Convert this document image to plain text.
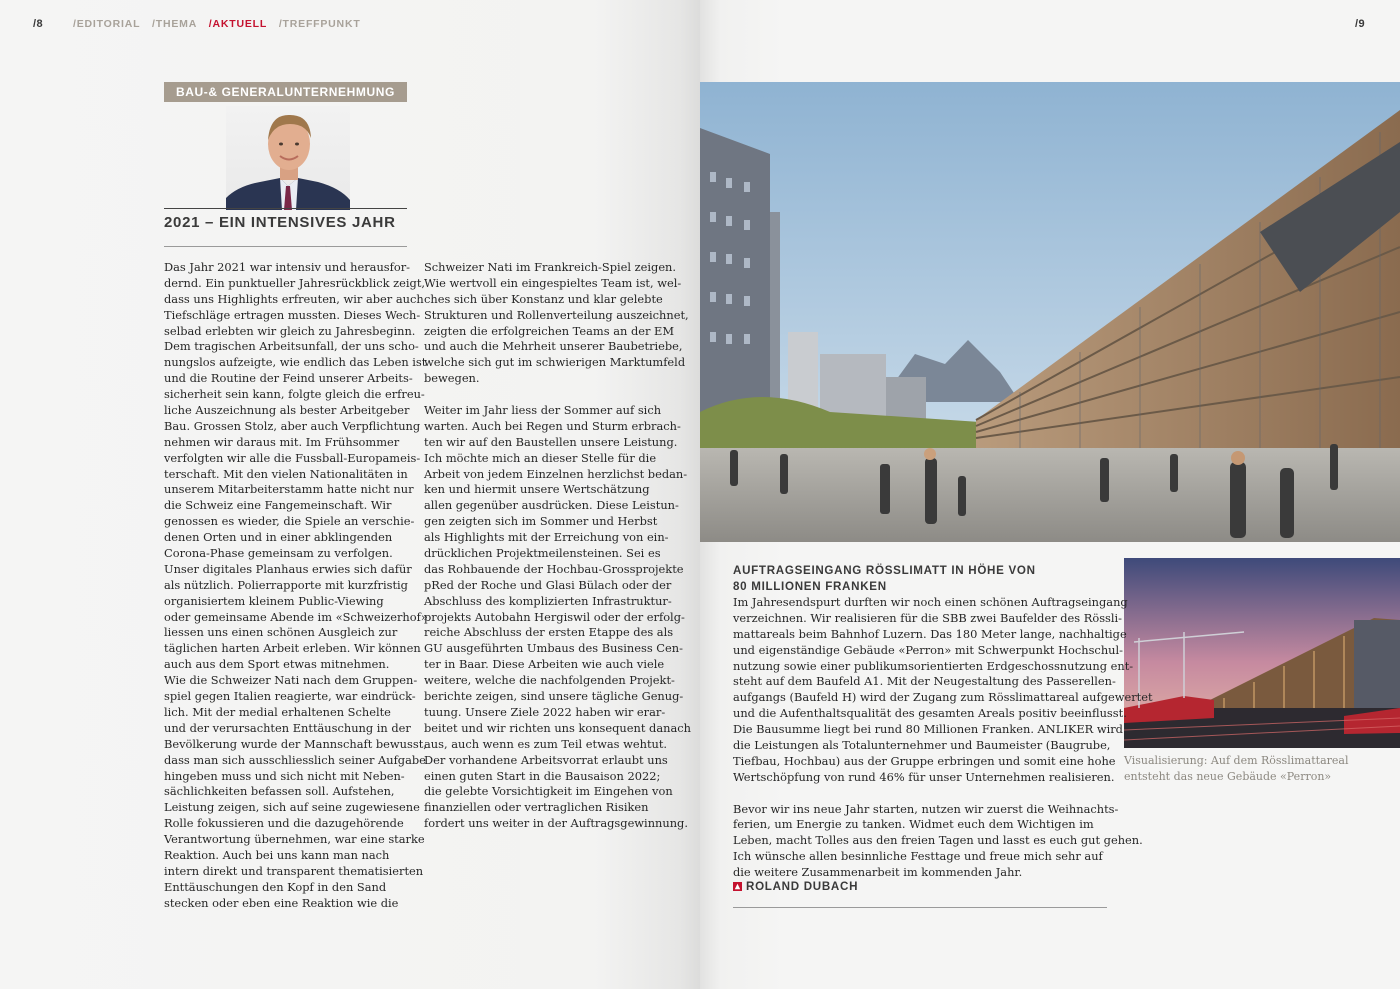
/8	/EDITORIAL /THEMA /AKTUELL /TREFFPUNKT
BAU-& GENERALUNTERNEHMUNG
2021 – EIN INTENSIVES JAHR
Das Jahr 2021 war intensiv und herausfor-
dernd. Ein punktueller Jahresrückblick zeigt,
dass uns Highlights erfreuten, wir aber auch
Tiefschläge ertragen mussten. Dieses Wech-
selbad erlebten wir gleich zu Jahresbeginn.
Dem tragischen Arbeitsunfall, der uns scho-
nungslos aufzeigte, wie endlich das Leben ist
und die Routine der Feind unserer Arbeits-
sicherheit sein kann, folgte gleich die erfreu-
liche Auszeichnung als bester Arbeitgeber
Bau. Grossen Stolz, aber auch Verpflichtung
nehmen wir daraus mit. Im Frühsommer
verfolgten wir alle die Fussball-Europameis-
terschaft. Mit den vielen Nationalitäten in
unserem Mitarbeiterstamm hatte nicht nur
die Schweiz eine Fangemeinschaft. Wir
genossen es wieder, die Spiele an verschie-
denen Orten und in einer abklingenden
Corona-Phase gemeinsam zu verfolgen.
Unser digitales Planhaus erwies sich dafür
als nützlich. Polierrapporte mit kurzfristig
organisiertem kleinem Public-Viewing
oder gemeinsame Abende im «Schweizerhof»
liessen uns einen schönen Ausgleich zur
täglichen harten Arbeit erleben. Wir können
auch aus dem Sport etwas mitnehmen.
Wie die Schweizer Nati nach dem Gruppen-
spiel gegen Italien reagierte, war eindrück-
lich. Mit der medial erhaltenen Schelte
und der verursachten Enttäuschung in der
Bevölkerung wurde der Mannschaft bewusst,
dass man sich ausschliesslich seiner Aufgabe
hingeben muss und sich nicht mit Neben-
sächlichkeiten befassen soll. Aufstehen,
Leistung zeigen, sich auf seine zugewiesene
Rolle fokussieren und die dazugehörende
Verantwortung übernehmen, war eine starke
Reaktion. Auch bei uns kann man nach
intern direkt und transparent thematisierten
Enttäuschungen den Kopf in den Sand
stecken oder eben eine Reaktion wie die
Schweizer Nati im Frankreich-Spiel zeigen.
Wie wertvoll ein eingespieltes Team ist, wel-
ches sich über Konstanz und klar gelebte
Strukturen und Rollenverteilung auszeichnet,
zeigten die erfolgreichen Teams an der EM
und auch die Mehrheit unserer Baubetriebe,
welche sich gut im schwierigen Marktumfeld
bewegen.
Weiter im Jahr liess der Sommer auf sich
warten. Auch bei Regen und Sturm erbrach-
ten wir auf den Baustellen unsere Leistung.
Ich möchte mich an dieser Stelle für die
Arbeit von jedem Einzelnen herzlichst bedan-
ken und hiermit unsere Wertschätzung
allen gegenüber ausdrücken. Diese Leistun-
gen zeigten sich im Sommer und Herbst
als Highlights mit der Erreichung von ein-
drücklichen Projektmeilensteinen. Sei es
das Rohbauende der Hochbau-Grossprojekte
pRed der Roche und Glasi Bülach oder der
Abschluss des komplizierten Infrastruktur-
projekts Autobahn Hergiswil oder der erfolg-
reiche Abschluss der ersten Etappe des als
GU ausgeführten Umbaus des Business Cen-
ter in Baar. Diese Arbeiten wie auch viele
weitere, welche die nachfolgenden Projekt-
berichte zeigen, sind unsere tägliche Genug-
tuung. Unsere Ziele 2022 haben wir erar-
beitet und wir richten uns konsequent danach
aus, auch wenn es zum Teil etwas wehtut.
Der vorhandene Arbeitsvorrat erlaubt uns
einen guten Start in die Bausaison 2022;
die gelebte Vorsichtigkeit im Eingehen von
finanziellen oder vertraglichen Risiken
fordert uns weiter in der Auftragsgewinnung.
/9
Visualisierung: Auf dem Rösslimattareal
entsteht das neue Gebäude «Perron»
AUFTRAGSEINGANG RÖSSLIMATT IN HÖHE VON
80 MILLIONEN FRANKEN
Im Jahresendspurt durften wir noch einen schönen Auftragseingang
verzeichnen. Wir realisieren für die SBB zwei Baufelder des Rössli-
mattareals beim Bahnhof Luzern. Das 180 Meter lange, nachhaltige
und eigenständige Gebäude «Perron» mit Schwerpunkt Hochschul-
nutzung sowie einer publikumsorientierten Erdgeschossnutzung ent-
steht auf dem Baufeld A1. Mit der Neugestaltung des Passerellen-
aufgangs (Baufeld H) wird der Zugang zum Rösslimattareal aufgewertet
und die Aufenthaltsqualität des gesamten Areals positiv beeinflusst.
Die Bausumme liegt bei rund 80 Millionen Franken. ANLIKER wird
die Leistungen als Totalunternehmer und Baumeister (Baugrube,
Tiefbau, Hochbau) aus der Gruppe erbringen und somit eine hohe
Wertschöpfung von rund 46% für unser Unternehmen realisieren.
Bevor wir ins neue Jahr starten, nutzen wir zuerst die Weihnachts-
ferien, um Energie zu tanken. Widmet euch dem Wichtigen im
Leben, macht Tolles aus den freien Tagen und lasst es euch gut gehen.
Ich wünsche allen besinnliche Festtage und freue mich sehr auf
die weitere Zusammenarbeit im kommenden Jahr.
ROLAND DUBACH
